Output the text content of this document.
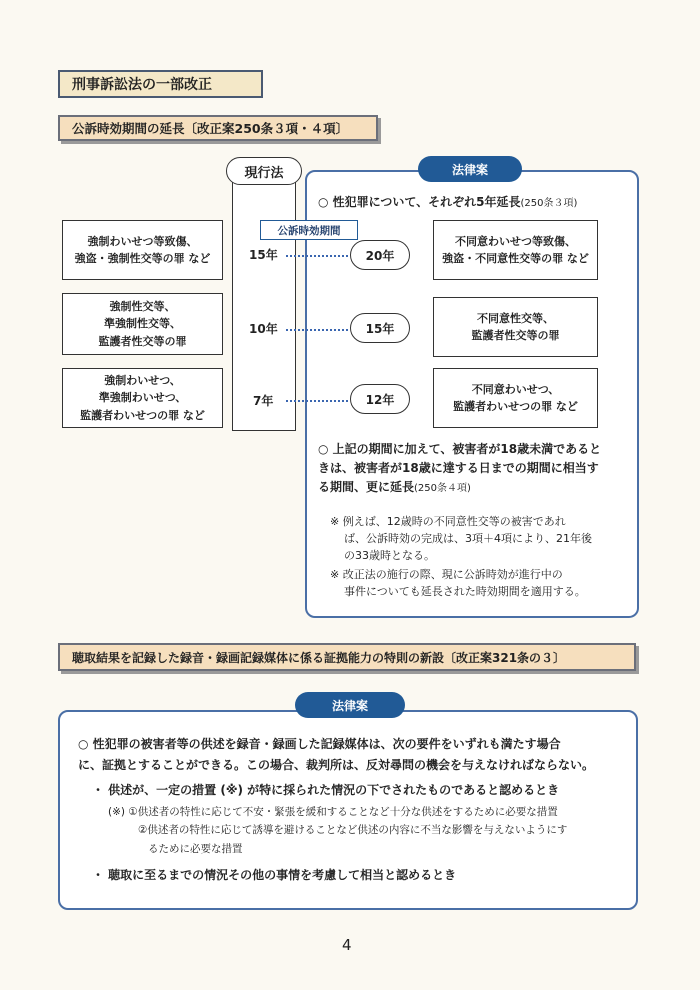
刑事訴訟法の一部改正
公訴時効期間の延長〔改正案250条３項・４項〕
現行法	法律案
公訴時効期間
○ 性犯罪について、それぞれ5年延長(250条３項)
強制わいせつ等致傷、
強盗・強制性交等の罪 など
強制性交等、
準強制性交等、
監護者性交等の罪
強制わいせつ、
準強制わいせつ、
監護者わいせつの罪 など
15年
10年
7年
20年
15年
12年
不同意わいせつ等致傷、
強盗・不同意性交等の罪 など
不同意性交等、
監護者性交等の罪
不同意わいせつ、
監護者わいせつの罪 など
○ 上記の期間に加えて、被害者が18歳未満であると
きは、被害者が18歳に達する日までの期間に相当す
る期間、更に延長(250条４項)
※ 例えば、12歳時の不同意性交等の被害であれ
ば、公訴時効の完成は、3項＋4項により、21年後
の33歳時となる。
※ 改正法の施行の際、現に公訴時効が進行中の
事件についても延長された時効期間を適用する。
聴取結果を記録した録音・録画記録媒体に係る証拠能力の特則の新設〔改正案321条の３〕
法律案
○ 性犯罪の被害者等の供述を録音・録画した記録媒体は、次の要件をいずれも満たす場合
に、証拠とすることができる。この場合、裁判所は、反対尋問の機会を与えなければならない。
・ 供述が、一定の措置 (※) が特に採られた情況の下でされたものであると認めるとき
(※) ①供述者の特性に応じて不安・緊張を緩和することなど十分な供述をするために必要な措置
②供述者の特性に応じて誘導を避けることなど供述の内容に不当な影響を与えないようにす
るために必要な措置
・ 聴取に至るまでの情況その他の事情を考慮して相当と認めるとき
4
